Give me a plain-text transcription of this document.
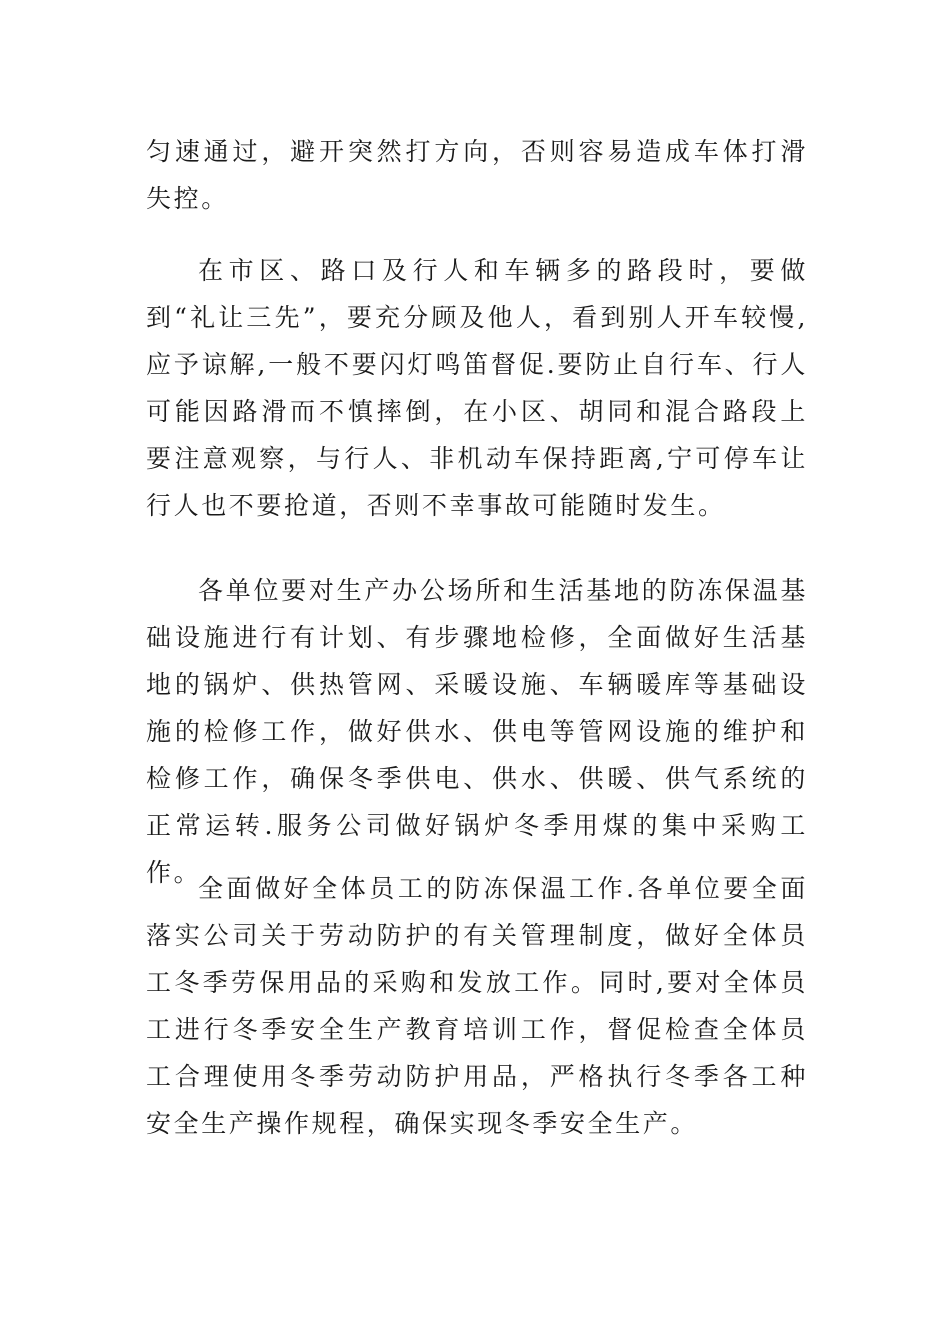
匀速通过，避开突然打方向，否则容易造成车体打滑失控。

在市区、路口及行人和车辆多的路段时，要做到“礼让三先”，要充分顾及他人，看到别人开车较慢,应予谅解,一般不要闪灯鸣笛督促.要防止自行车、行人可能因路滑而不慎摔倒，在小区、胡同和混合路段上要注意观察，与行人、非机动车保持距离,宁可停车让行人也不要抢道，否则不幸事故可能随时发生。

各单位要对生产办公场所和生活基地的防冻保温基础设施进行有计划、有步骤地检修，全面做好生活基地的锅炉、供热管网、采暖设施、车辆暖库等基础设施的检修工作，做好供水、供电等管网设施的维护和检修工作，确保冬季供电、供水、供暖、供气系统的正常运转.服务公司做好锅炉冬季用煤的集中采购工作。

全面做好全体员工的防冻保温工作.各单位要全面落实公司关于劳动防护的有关管理制度，做好全体员工冬季劳保用品的采购和发放工作。同时,要对全体员工进行冬季安全生产教育培训工作，督促检查全体员工合理使用冬季劳动防护用品，严格执行冬季各工种安全生产操作规程，确保实现冬季安全生产。
